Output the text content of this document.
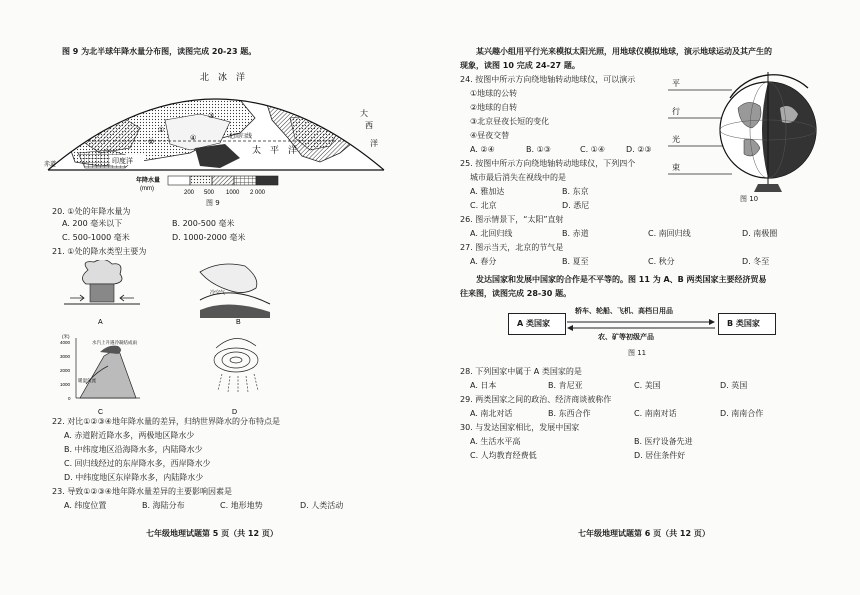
图 9 为北半球年降水量分布图，读图完成 20-23 题。
北　冰　洋
太　平　洋
大
西
洋
北回归线
赤道	印度洋
①
②
③
④
年降水量
(mm)
200 500 1000 2 000
图 9
20. ①处的年降水量为
A. 200 毫米以下	B. 200-500 毫米
C. 500-1000 毫米	D. 1000-2000 毫米
21. ①处的降水类型主要为
A
冷空气
B
(米)
4000
3000
2000
1000
0
水汽上升遇冷凝结成雨
暖湿气流
C	D
22. 对比①②③④地年降水量的差异，归纳世界降水的分布特点是
A. 赤道附近降水多，两极地区降水少
B. 中纬度地区沿海降水多，内陆降水少
C. 回归线经过的东岸降水多，西岸降水少
D. 中纬度地区东岸降水多，内陆降水少
23. 导致①②③④地年降水量差异的主要影响因素是
A. 纬度位置	B. 海陆分布	C. 地形地势	D. 人类活动
七年级地理试题第 5 页（共 12 页）
某兴趣小组用平行光来模拟太阳光照，用地球仪模拟地球，演示地球运动及其产生的
现象，读图 10 完成 24-27 题。
24. 按图中所示方向绕地轴转动地球仪，可以演示
①地球的公转
②地球的自转
③北京昼夜长短的变化
④昼夜交替
A. ②④	B. ①③	C. ①④	D. ②③
25. 按图中所示方向绕地轴转动地球仪，下列四个
城市最后消失在视线中的是
A. 雅加达	B. 东京
C. 北京	D. 悉尼
26. 图示情景下，“太阳”直射
A. 北回归线	B. 赤道	C. 南回归线	D. 南极圈
27. 图示当天，北京的节气是
A. 春分	B. 夏至	C. 秋分	D. 冬至
平
行
光
束
图 10
发达国家和发展中国家的合作是不平等的。图 11 为 A、B 两类国家主要经济贸易
往来图，读图完成 28-30 题。
A 类国家	B 类国家
轿车、轮船、飞机、高档日用品
农、矿等初级产品
图 11
28. 下列国家中属于 A 类国家的是
A. 日本	B. 肯尼亚	C. 美国	D. 英国
29. 两类国家之间的政治、经济商谈被称作
A. 南北对话	B. 东西合作	C. 南南对话	D. 南南合作
30. 与发达国家相比，发展中国家
A. 生活水平高	B. 医疗设备先进
C. 人均教育经费低	D. 居住条件好
七年级地理试题第 6 页（共 12 页）
